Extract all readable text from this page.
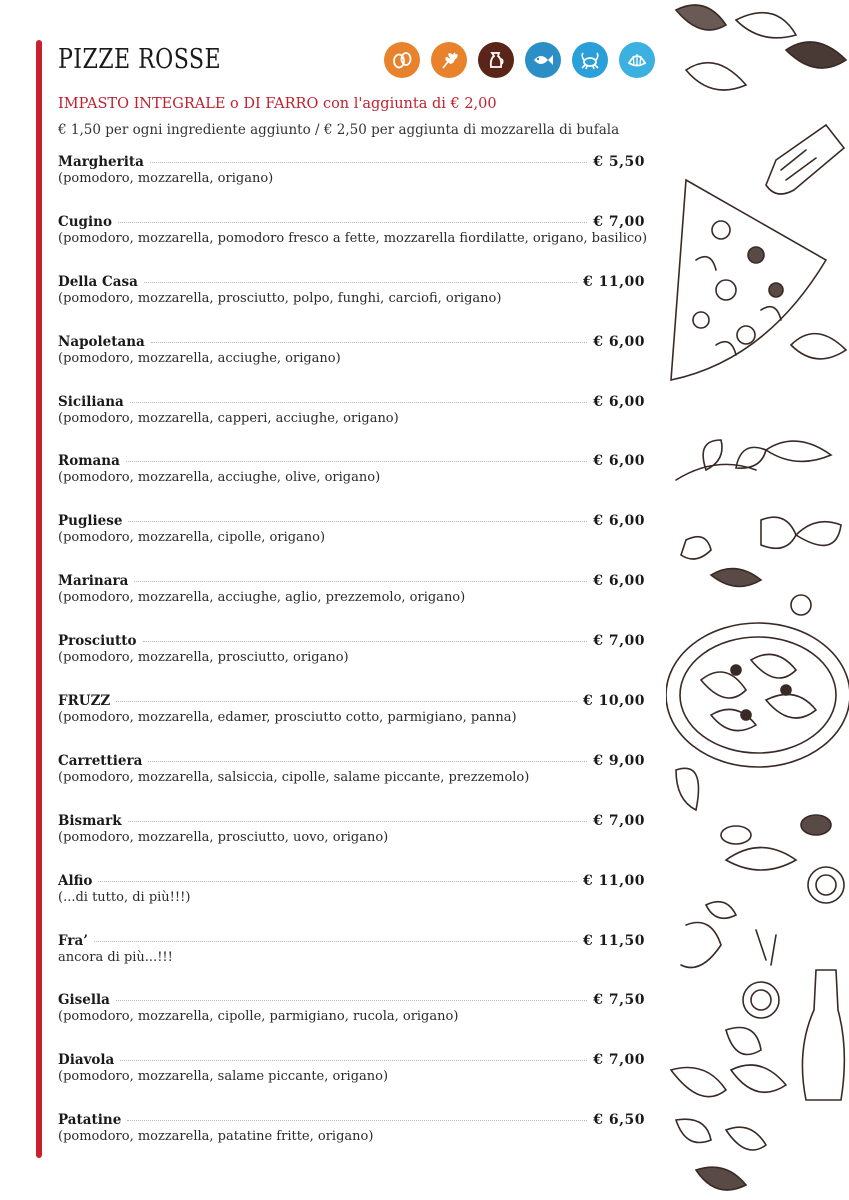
PIZZE ROSSE
IMPASTO INTEGRALE o DI FARRO con l'aggiunta di € 2,00
€ 1,50 per ogni ingrediente aggiunto / € 2,50 per aggiunta di mozzarella di bufala
Margherita	€ 5,50
(pomodoro, mozzarella, origano)
Cugino	€ 7,00
(pomodoro, mozzarella, pomodoro fresco a fette, mozzarella fiordilatte, origano, basilico)
Della Casa	€ 11,00
(pomodoro, mozzarella, prosciutto, polpo, funghi, carciofi, origano)
Napoletana	€ 6,00
(pomodoro, mozzarella, acciughe, origano)
Siciliana	€ 6,00
(pomodoro, mozzarella, capperi, acciughe, origano)
Romana	€ 6,00
(pomodoro, mozzarella, acciughe, olive, origano)
Pugliese	€ 6,00
(pomodoro, mozzarella, cipolle, origano)
Marinara	€ 6,00
(pomodoro, mozzarella, acciughe, aglio, prezzemolo, origano)
Prosciutto	€ 7,00
(pomodoro, mozzarella, prosciutto, origano)
FRUZZ	€ 10,00
(pomodoro, mozzarella, edamer, prosciutto cotto, parmigiano, panna)
Carrettiera	€ 9,00
(pomodoro, mozzarella, salsiccia, cipolle, salame piccante, prezzemolo)
Bismark	€ 7,00
(pomodoro, mozzarella, prosciutto, uovo, origano)
Alfio	€ 11,00
(...di tutto, di più!!!)
Fra’	€ 11,50
ancora di più...!!!
Gisella	€ 7,50
(pomodoro, mozzarella, cipolle, parmigiano, rucola, origano)
Diavola	€ 7,00
(pomodoro, mozzarella, salame piccante, origano)
Patatine	€ 6,50
(pomodoro, mozzarella, patatine fritte, origano)
